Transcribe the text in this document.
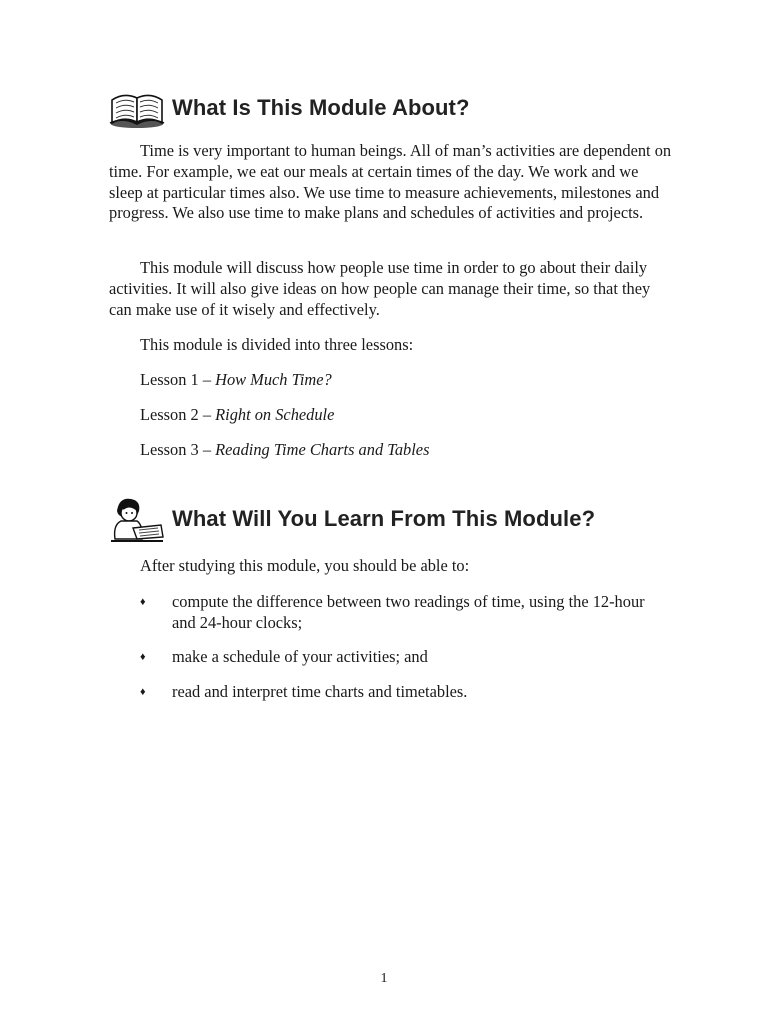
What Is This Module About?

Time is very important to human beings. All of man’s activities are dependent on time. For example, we eat our meals at certain times of the day. We work and we sleep at particular times also. We use time to measure achievements, milestones and progress. We also use time to make plans and schedules of activities and projects.

This module will discuss how people use time in order to go about their daily activities. It will also give ideas on how people can manage their time, so that they can make use of it wisely and effectively.

This module is divided into three lessons:

Lesson 1 – How Much Time?

Lesson 2 – Right on Schedule

Lesson 3 – Reading Time Charts and Tables

What Will You Learn From This Module?

After studying this module, you should be able to:

♦ compute the difference between two readings of time, using the 12-hour and 24-hour clocks;
♦ make a schedule of your activities; and
♦ read and interpret time charts and timetables.
1
